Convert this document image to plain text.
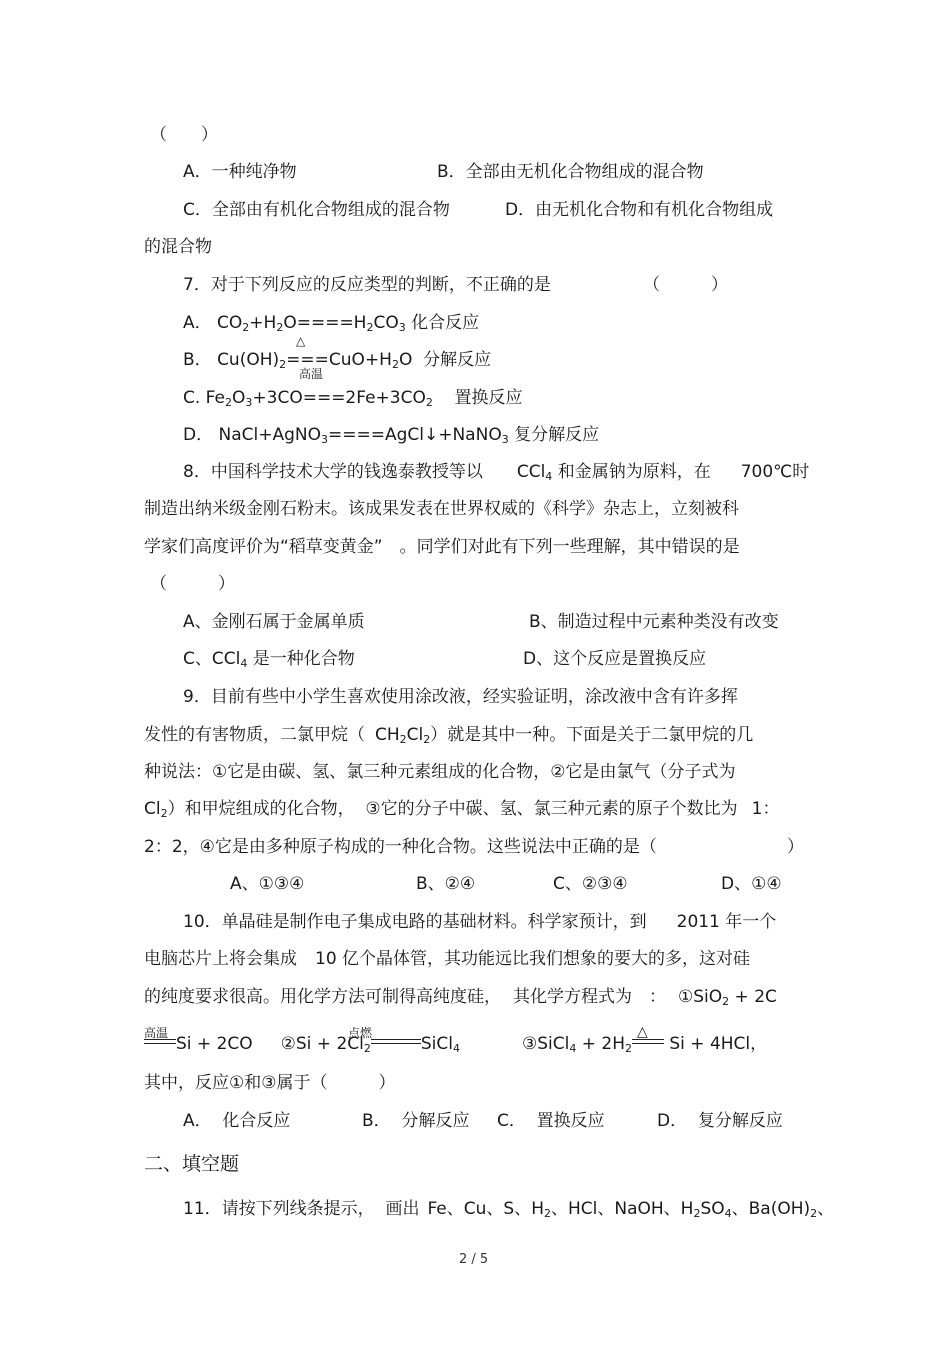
（　　）
A．一种纯净物	B．全部由无机化合物组成的混合物
C．全部由有机化合物组成的混合物	D．由无机化合物和有机化合物组成
的混合物
7．对于下列反应的反应类型的判断，不正确的是	（　　　）
A． $CO_2+H_2O====H_2CO_3$ 化合反应
△
B． $Cu(OH)_2===CuO+H_2O$  分解反应
高温
C. $Fe_2O_3+3CO===2Fe+3CO_2$    置换反应
D． NaCl+AgNO$_3$====AgCl↓+NaNO$_3$ 复分解反应
8．中国科学技术大学的钱逸泰教授等以 CCl$_4$ 和金属钠为原料，在 700℃时
制造出纳米级金刚石粉末。该成果发表在世界权威的《科学》杂志上，立刻被科
学家们高度评价为“稻草变黄金”　。同学们对此有下列一些理解，其中错误的是
（　　　）
A、金刚石属于金属单质	B、制造过程中元素种类没有改变
C、CCl$_4$ 是一种化合物	D、这个反应是置换反应
9．目前有些中小学生喜欢使用涂改液，经实验证明，涂改液中含有许多挥
发性的有害物质，二氯甲烷（ $CH_2Cl_2$）就是其中一种。下面是关于二氯甲烷的几
种说法：①它是由碳、氢、氯三种元素组成的化合物，②它是由氯气（分子式为
$Cl_2$）和甲烷组成的化合物，  ③它的分子中碳、氢、氯三种元素的原子个数比为 1：
2：2，④它是由多种原子构成的一种化合物。这些说法中正确的是（	）
A、①③④	B、②④	C、②③④	D、①④
10．单晶硅是制作电子集成电路的基础材料。科学家预计，到 2011 年一个
电脑芯片上将会集成 10 亿个晶体管，其功能远比我们想象的要大的多，这对硅
的纯度要求很高。用化学方法可制得高纯度硅， 其化学方程式为　： ①SiO$_2$ + 2C
高温
Si + 2CO ②Si + $2Cl_2$	SiCl$_4$	③SiCl$_4$ + $2H_2$ Si + 4HCl，
点燃	△
其中，反应①和③属于（　　　）
A．  化合反应	B．  分解反应 C．  置换反应	D．  复分解反应
二、填空题
11．请按下列线条提示，  画出 Fe、Cu、S、$H_2$、HCl、NaOH、$H_2SO_4$、$Ba(OH)_2$、
2 / 5
